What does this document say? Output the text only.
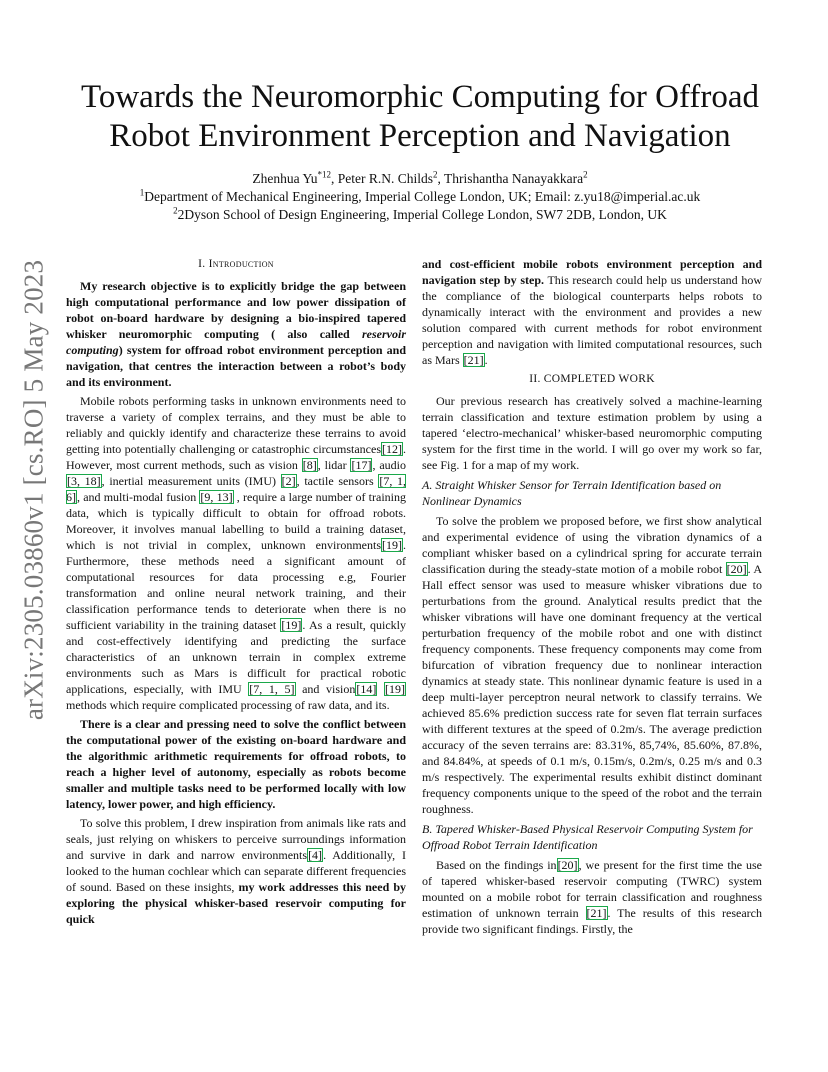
arXiv:2305.03860v1 [cs.RO] 5 May 2023
Towards the Neuromorphic Computing for Offroad
Robot Environment Perception and Navigation
Zhenhua Yu$^{*12}$, Peter R.N. Childs$^2$, Thrishantha Nanayakkara$^2$
$^1$Department of Mechanical Engineering, Imperial College London, UK; Email: z.yu18@imperial.ac.uk
$^2$2Dyson School of Design Engineering, Imperial College London, SW7 2DB, London, UK
I. Introduction

My research objective is to explicitly bridge the gap between high computational performance and low power dissipation of robot on-board hardware by designing a bio-inspired tapered whisker neuromorphic computing ( also called reservoir computing) system for offroad robot environment perception and navigation, that centres the interaction between a robot’s body and its environment.

Mobile robots performing tasks in unknown environments need to traverse a variety of complex terrains, and they must be able to reliably and quickly identify and characterize these terrains to avoid getting into potentially challenging or catastrophic circumstances[12]. However, most current methods, such as vision [8], lidar [17], audio [3, 18], inertial measurement units (IMU) [2], tactile sensors [7, 1, 6], and multi-modal fusion [9, 13] , require a large number of training data, which is typically difficult to obtain for offroad robots. Moreover, it involves manual labelling to build a training dataset, which is not trivial in complex, unknown environments[19]. Furthermore, these methods need a significant amount of computational resources for data processing e.g, Fourier transformation and online neural network training, and their classification performance tends to deteriorate when there is no sufficient variability in the training dataset [19]. As a result, quickly and cost-effectively identifying and predicting the surface characteristics of an unknown terrain in complex extreme environments such as Mars is difficult for practical robotic applications, especially, with IMU [7, 1, 5] and vision[14] [19] methods which require complicated processing of raw data, and its.

There is a clear and pressing need to solve the conflict between the computational power of the existing on-board hardware and the algorithmic arithmetic requirements for offroad robots, to reach a higher level of autonomy, especially as robots become smaller and multiple tasks need to be performed locally with low latency, lower power, and high efficiency.

To solve this problem, I drew inspiration from animals like rats and seals, just relying on whiskers to perceive surroundings information and survive in dark and narrow environments[4]. Additionally, I looked to the human cochlear which can separate different frequencies of sound. Based on these insights, my work addresses this need by exploring the physical whisker-based reservoir computing for quick

and cost-efficient mobile robots environment perception and navigation step by step. This research could help us understand how the compliance of the biological counterparts helps robots to dynamically interact with the environment and provides a new solution compared with current methods for robot environment perception and navigation with limited computational resources, such as Mars [21].

II. COMPLETED WORK

Our previous research has creatively solved a machine-learning terrain classification and texture estimation problem by using a tapered ‘electro-mechanical’ whisker-based neuromorphic computing system for the first time in the world. I will go over my work so far, see Fig. 1 for a map of my work.

A. Straight Whisker Sensor for Terrain Identification based on Nonlinear Dynamics

To solve the problem we proposed before, we first show analytical and experimental evidence of using the vibration dynamics of a compliant whisker based on a cylindrical spring for accurate terrain classification during the steady-state motion of a mobile robot [20]. A Hall effect sensor was used to measure whisker vibrations due to perturbations from the ground. Analytical results predict that the whisker vibrations will have one dominant frequency at the vertical perturbation frequency of the mobile robot and one with distinct frequency components. These frequency components may come from bifurcation of vibration frequency due to nonlinear interaction dynamics at steady state. This nonlinear dynamic feature is used in a deep multi-layer perceptron neural network to classify terrains. We achieved 85.6% prediction success rate for seven flat terrain surfaces with different textures at the speed of 0.2m/s. The average prediction accuracy of the seven terrains are: 83.31%, 85,74%, 85.60%, 87.8%, and 84.84%, at speeds of 0.1 m/s, 0.15m/s, 0.2m/s, 0.25 m/s and 0.3 m/s respectively. The experimental results exhibit distinct dominant frequency components unique to the speed of the robot and the terrain roughness.

B. Tapered Whisker-Based Physical Reservoir Computing System for Offroad Robot Terrain Identification

Based on the findings in[20], we present for the first time the use of tapered whisker-based reservoir computing (TWRC) system mounted on a mobile robot for terrain classification and roughness estimation of unknown terrain [21]. The results of this research provide two significant findings. Firstly, the
